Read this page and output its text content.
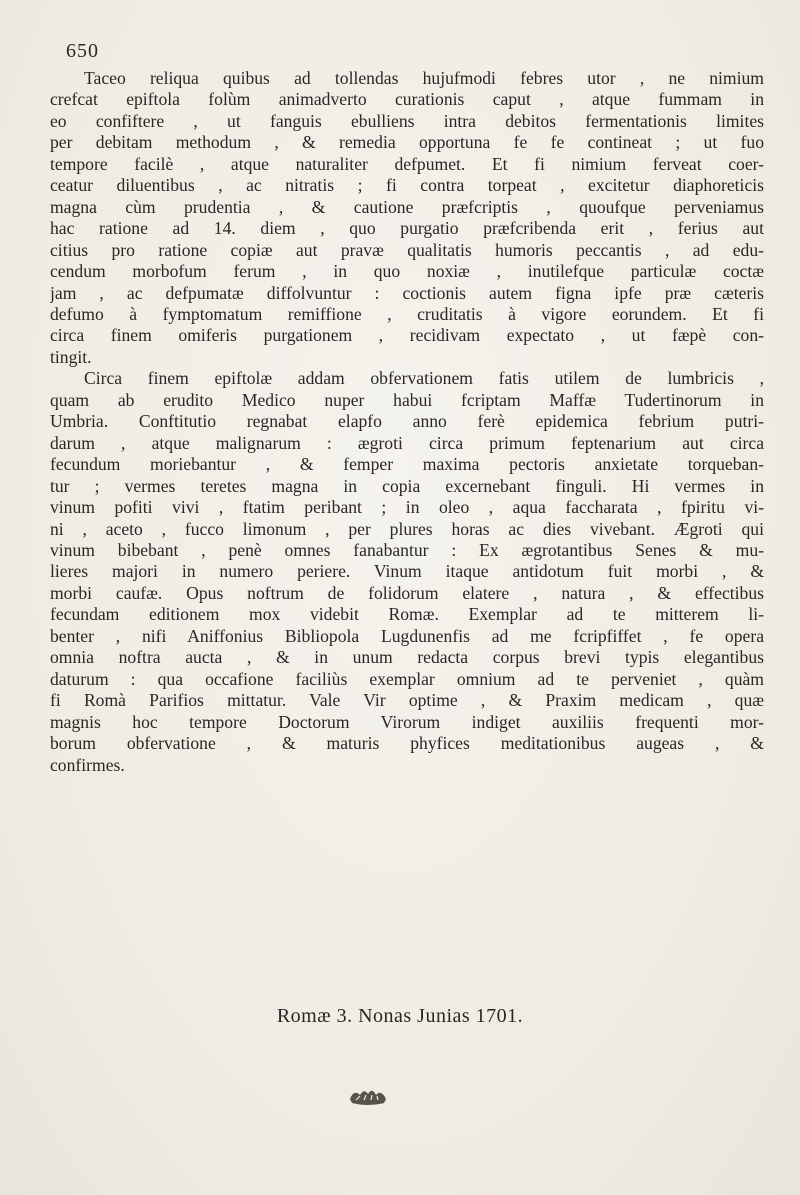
650
Taceo reliqua quibus ad tollendas hujufmodi febres utor , ne nimium
crefcat epiftola folùm animadverto curationis caput , atque fummam in
eo confiftere , ut fanguis ebulliens intra debitos fermentationis limites
per debitam methodum , & remedia opportuna fe fe contineat ; ut fuo
tempore facilè , atque naturaliter defpumet. Et fi nimium ferveat coer-
ceatur diluentibus , ac nitratis ; fi contra torpeat , excitetur diaphoreticis
magna cùm prudentia , & cautione præfcriptis , quoufque perveniamus
hac ratione ad 14. diem , quo purgatio præfcribenda erit , ferius aut
citius pro ratione copiæ aut pravæ qualitatis humoris peccantis , ad edu-
cendum morbofum ferum , in quo noxiæ , inutilefque particulæ coctæ
jam , ac defpumatæ diffolvuntur : coctionis autem figna ipfe præ cæteris
defumo à fymptomatum remiffione , cruditatis à vigore eorundem. Et fi
circa finem omiferis purgationem , recidivam expectato , ut fæpè con-
tingit.
Circa finem epiftolæ addam obfervationem fatis utilem de lumbricis ,
quam ab erudito Medico nuper habui fcriptam Maffæ Tudertinorum in
Umbria. Conftitutio regnabat elapfo anno ferè epidemica febrium putri-
darum , atque malignarum : ægroti circa primum feptenarium aut circa
fecundum moriebantur , & femper maxima pectoris anxietate torqueban-
tur ; vermes teretes magna in copia excernebant finguli. Hi vermes in
vinum pofiti vivi , ftatim peribant ; in oleo , aqua faccharata , fpiritu vi-
ni , aceto , fucco limonum , per plures horas ac dies vivebant. Ægroti qui
vinum bibebant , penè omnes fanabantur : Ex ægrotantibus Senes & mu-
lieres majori in numero periere. Vinum itaque antidotum fuit morbi , &
morbi caufæ. Opus noftrum de folidorum elatere , natura , & effectibus
fecundam editionem mox videbit Romæ. Exemplar ad te mitterem li-
benter , nifi Aniffonius Bibliopola Lugdunenfis ad me fcripfiffet , fe opera
omnia noftra aucta , & in unum redacta corpus brevi typis elegantibus
daturum : qua occafione faciliùs exemplar omnium ad te perveniet , quàm
fi Romà Parifios mittatur. Vale Vir optime , & Praxim medicam , quæ
magnis hoc tempore Doctorum Virorum indiget auxiliis frequenti mor-
borum obfervatione , & maturis phyfices meditationibus augeas , &
confirmes.
Romæ 3. Nonas Junias 1701.
